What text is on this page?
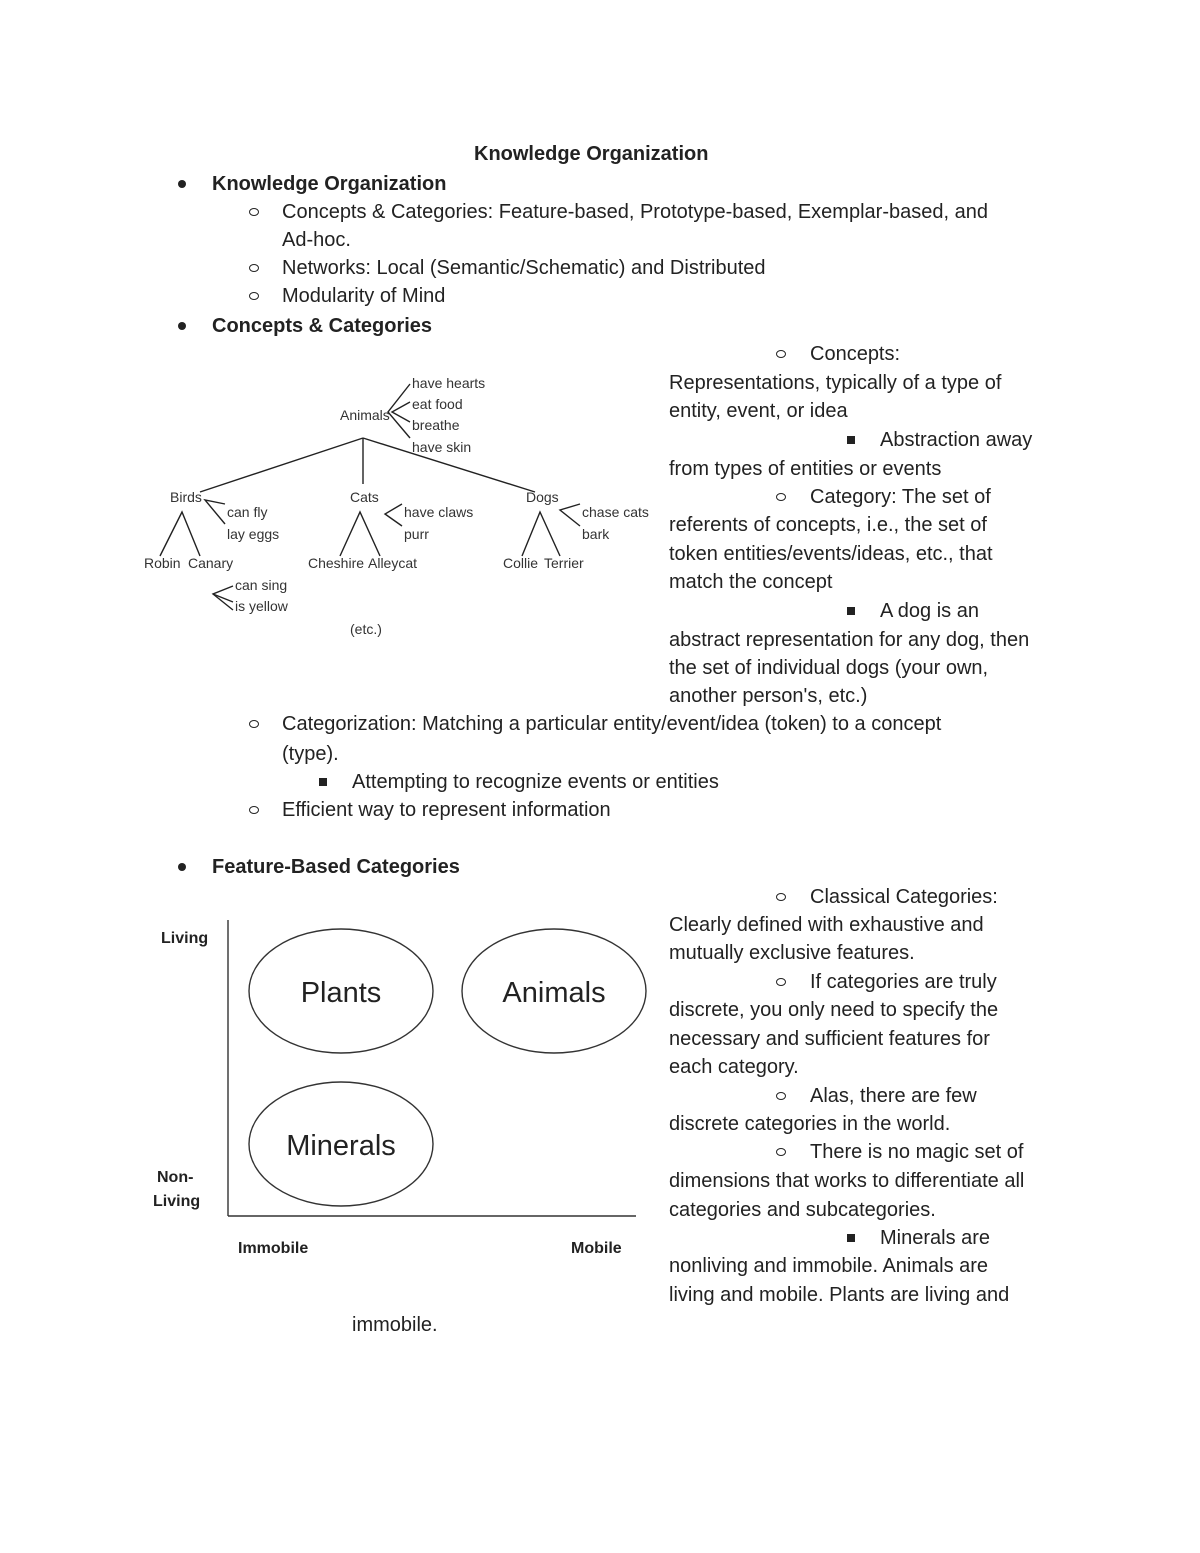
Knowledge Organization
Knowledge Organization
Concepts & Categories: Feature-based, Prototype-based, Exemplar-based, and
Ad-hoc.
Networks: Local (Semantic/Schematic) and Distributed
Modularity of Mind
Concepts & Categories
Animals
have hearts
eat food
breathe
have skin
Birds
can fly
lay eggs
Robin Canary
can sing
is yellow
Cats
have claws
purr
Cheshire Alleycat
Dogs
chase cats
bark
Collie Terrier
(etc.)
Concepts:
Representations, typically of a type of
entity, event, or idea
Abstraction away
from types of entities or events
Category: The set of
referents of concepts, i.e., the set of
token entities/events/ideas, etc., that
match the concept
A dog is an
abstract representation for any dog, then
the set of individual dogs (your own,
another person's, etc.)
Categorization: Matching a particular entity/event/idea (token) to a concept
(type).
Attempting to recognize events or entities
Efficient way to represent information
Feature-Based Categories
Living
Non-
Living
Immobile	Mobile
Plants	Animals
Minerals
Classical Categories:
Clearly defined with exhaustive and
mutually exclusive features.
If categories are truly
discrete, you only need to specify the
necessary and sufficient features for
each category.
Alas, there are few
discrete categories in the world.
There is no magic set of
dimensions that works to differentiate all
categories and subcategories.
Minerals are
nonliving and immobile. Animals are
living and mobile. Plants are living and
immobile.
